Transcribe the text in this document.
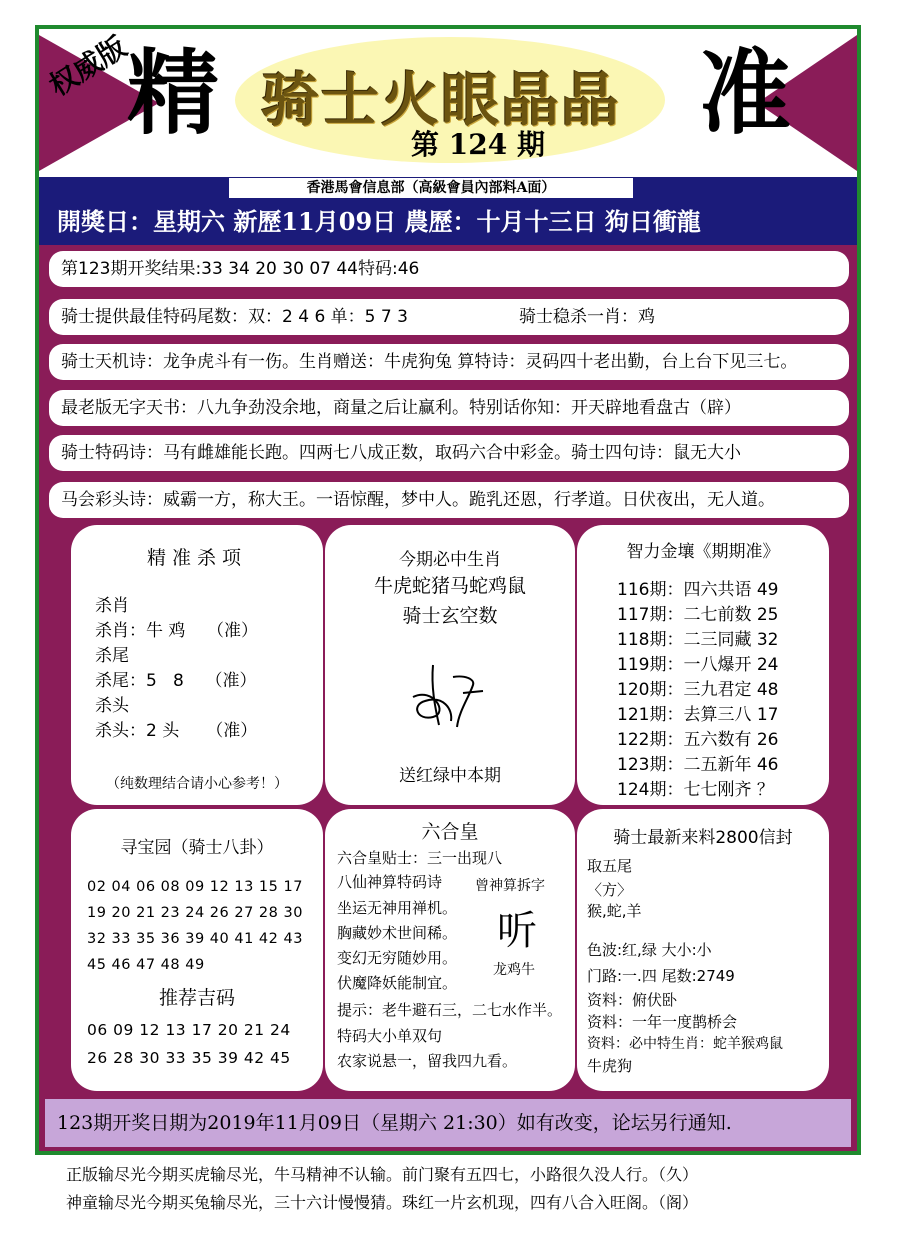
权威版
精 骑士火眼晶晶
第 124 期 准
香港馬會信息部（高級會員內部料A面）
開獎日：星期六 新歷11月09日 農歷：十月十三日 狗日衝龍
第123期开奖结果:33 34 20 30 07 44特码:46
骑士提供最佳特码尾数：双：2 4 6 单：5 7 3	骑士稳杀一肖：鸡
骑士天机诗：龙争虎斗有一伤。生肖赠送：牛虎狗兔 算特诗：灵码四十老出勤，台上台下见三七。
最老版无字天书：八九争劲没余地，商量之后让赢利。特别话你知：开天辟地看盘古（辟）
骑士特码诗：马有雌雄能长跑。四两七八成正数，取码六合中彩金。骑士四句诗：鼠无大小
马会彩头诗：威霸一方，称大王。一语惊醒，梦中人。跪乳还恩，行孝道。日伏夜出，无人道。
精准杀项
杀肖
杀肖：牛 鸡    （准）
杀尾
杀尾：5   8    （准）
杀头
杀头：2 头     （准）
（纯数理结合请小心参考！）
今期必中生肖
牛虎蛇猪马蛇鸡鼠
骑士玄空数
送红绿中本期
智力金壤《期期准》
116期：四六共语 49
117期：二七前数 25
118期：二三同藏 32
119期：一八爆开 24
120期：三九君定 48
121期：去算三八 17
122期：五六数有 26
123期：二五新年 46
124期：七七刚齐 ？
寻宝园（骑士八卦）
02 04 06 08 09 12 13 15 17
19 20 21 23 24 26 27 28 30
32 33 35 36 39 40 41 42 43
45 46 47 48 49
推荐吉码
06 09 12 13 17 20 21 24
26 28 30 33 35 39 42 45
六合皇
六合皇贴士：三一出现八
八仙神算特码诗
坐运无神用禅机。
胸藏妙术世间稀。
变幻无穷随妙用。
伏魔降妖能制宜。
提示：老牛避石三，二七水作半。
特码大小单双句
农家说悬一，留我四九看。
曾神算拆字
听
龙鸡牛
骑士最新来料2800信封
取五尾
〈方〉
猴,蛇,羊
色波:红,绿 大小:小
门路:一.四 尾数:2749
资料：俯伏卧
资料：一年一度鹊桥会
资料：必中特生肖：蛇羊猴鸡鼠
牛虎狗
123期开奖日期为2019年11月09日（星期六 21:30）如有改变，论坛另行通知.
正版输尽光今期买虎输尽光，牛马精神不认输。前门聚有五四七，小路很久没人行。（久）
神童输尽光今期买兔输尽光，三十六计慢慢猜。珠红一片玄机现，四有八合入旺阁。（阁）
